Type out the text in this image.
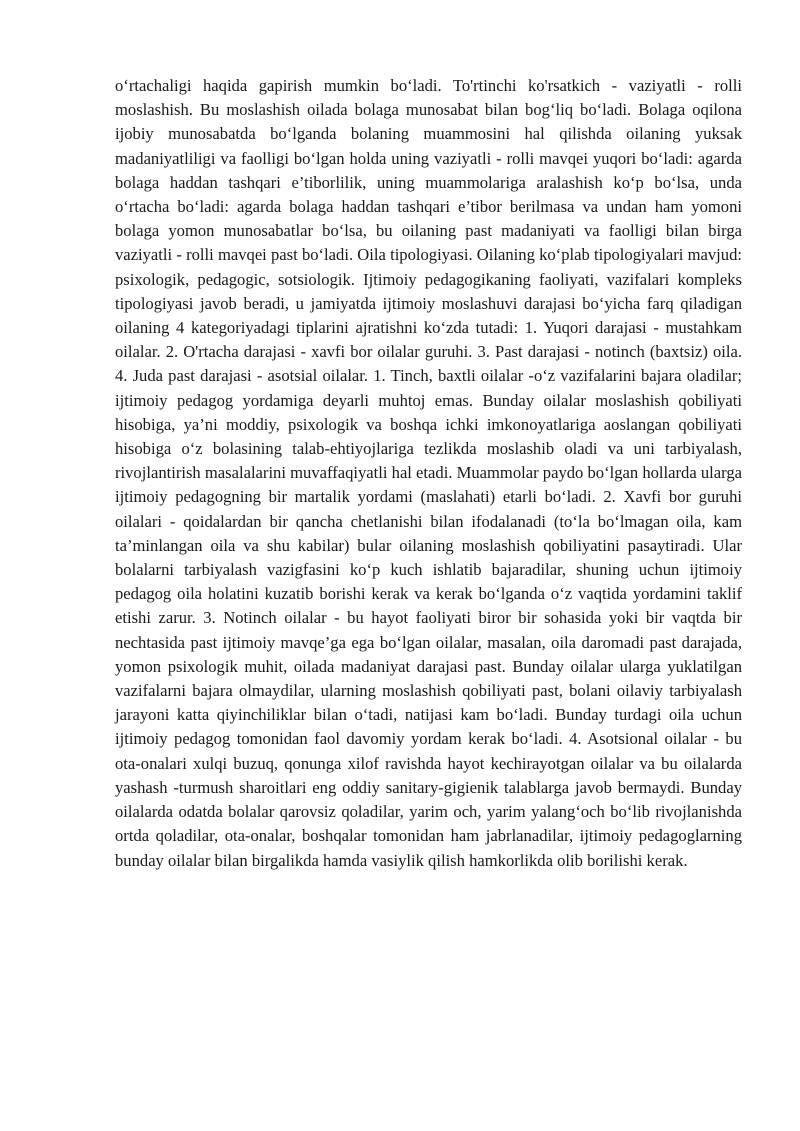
o‘rtachaligi haqida gapirish mumkin bo‘ladi. To'rtinchi ko'rsatkich - vaziyatli - rolli moslashish. Bu moslashish oilada bolaga munosabat bilan bog‘liq bo‘ladi. Bolaga oqilona ijobiy munosabatda bo‘lganda bolaning muammosini hal qilishda oilaning yuksak madaniyatliligi va faolligi bo‘lgan holda uning vaziyatli - rolli mavqei yuqori bo‘ladi: agarda bolaga haddan tashqari e’tiborlilik, uning muammolariga aralashish ko‘p bo‘lsa, unda o‘rtacha bo‘ladi: agarda bolaga haddan tashqari e’tibor berilmasa va undan ham yomoni bolaga yomon munosabatlar bo‘lsa, bu oilaning past madaniyati va faolligi bilan birga vaziyatli - rolli mavqei past bo‘ladi. Oila tipologiyasi. Oilaning ko‘plab tipologiyalari mavjud: psixologik, pedagogic, sotsiologik. Ijtimoiy pedagogikaning faoliyati, vazifalari kompleks tipologiyasi javob beradi, u jamiyatda ijtimoiy moslashuvi darajasi bo‘yicha farq qiladigan oilaning 4 kategoriyadagi tiplarini ajratishni ko‘zda tutadi: 1. Yuqori darajasi - mustahkam oilalar. 2. O'rtacha darajasi - xavfi bor oilalar guruhi. 3. Past darajasi - notinch (baxtsiz) oila. 4. Juda past darajasi - asotsial oilalar. 1. Tinch, baxtli oilalar -o‘z vazifalarini bajara oladilar; ijtimoiy pedagog yordamiga deyarli muhtoj emas. Bunday oilalar moslashish qobiliyati hisobiga, ya’ni moddiy, psixologik va boshqa ichki imkonoyatlariga aoslangan qobiliyati hisobiga o‘z bolasining talab-ehtiyojlariga tezlikda moslashib oladi va uni tarbiyalash, rivojlantirish masalalarini muvaffaqiyatli hal etadi. Muammolar paydo bo‘lgan hollarda ularga ijtimoiy pedagogning bir martalik yordami (maslahati) etarli bo‘ladi. 2. Xavfi bor guruhi oilalari - qoidalardan bir qancha chetlanishi bilan ifodalanadi (to‘la bo‘lmagan oila, kam ta’minlangan oila va shu kabilar) bular oilaning moslashish qobiliyatini pasaytiradi. Ular bolalarni tarbiyalash vazigfasini ko‘p kuch ishlatib bajaradilar, shuning uchun ijtimoiy pedagog oila holatini kuzatib borishi kerak va kerak bo‘lganda o‘z vaqtida yordamini taklif etishi zarur. 3. Notinch oilalar - bu hayot faoliyati biror bir sohasida yoki bir vaqtda bir nechtasida past ijtimoiy mavqe’ga ega bo‘lgan oilalar, masalan, oila daromadi past darajada, yomon psixologik muhit, oilada madaniyat darajasi past. Bunday oilalar ularga yuklatilgan vazifalarni bajara olmaydilar, ularning moslashish qobiliyati past, bolani oilaviy tarbiyalash jarayoni katta qiyinchiliklar bilan o‘tadi, natijasi kam bo‘ladi. Bunday turdagi oila uchun ijtimoiy pedagog tomonidan faol davomiy yordam kerak bo‘ladi. 4. Asotsional oilalar - bu ota-onalari xulqi buzuq, qonunga xilof ravishda hayot kechirayotgan oilalar va bu oilalarda yashash -turmush sharoitlari eng oddiy sanitary-gigienik talablarga javob bermaydi. Bunday oilalarda odatda bolalar qarovsiz qoladilar, yarim och, yarim yalang‘och bo‘lib rivojlanishda ortda qoladilar, ota-onalar, boshqalar tomonidan ham jabrlanadilar, ijtimoiy pedagoglarning bunday oilalar bilan birgalikda hamda vasiylik qilish hamkorlikda olib borilishi kerak.
